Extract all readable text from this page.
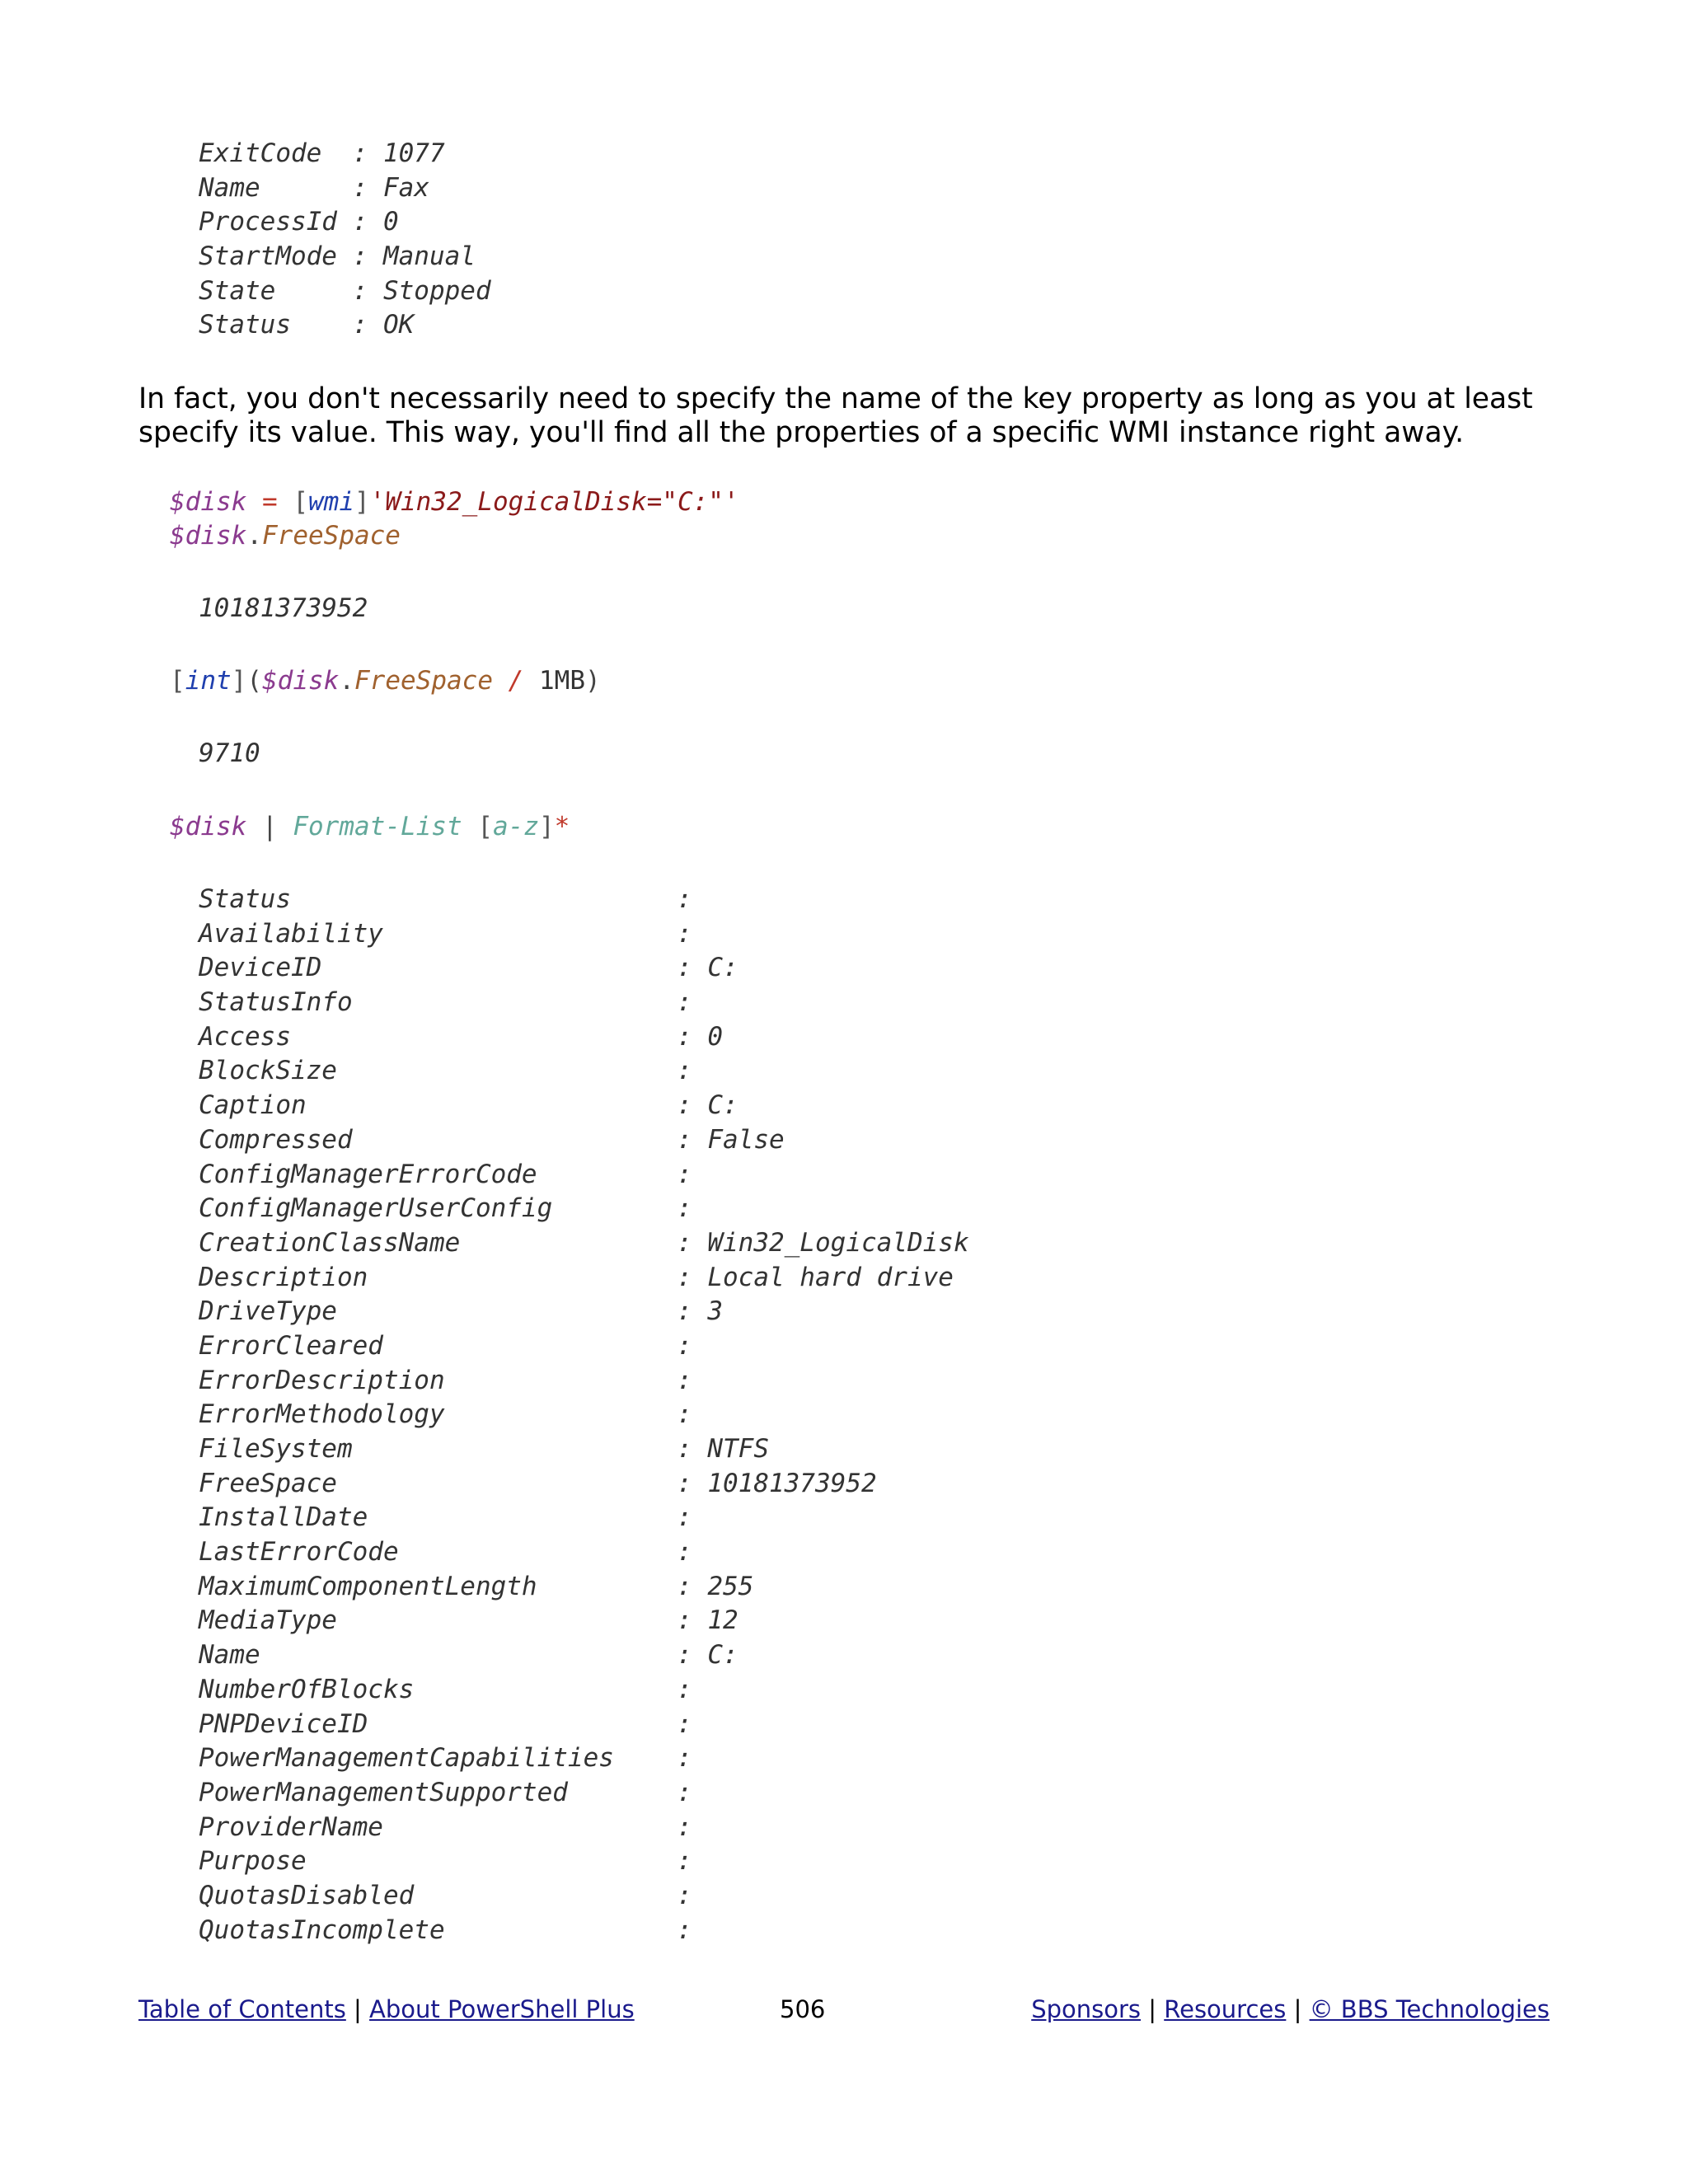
ExitCode  : 1077
Name      : Fax
ProcessId : 0
StartMode : Manual
State     : Stopped
Status    : OK
In fact, you don't necessarily need to specify the name of the key property as long as you at least
specify its value. This way, you'll find all the properties of a specific WMI instance right away.
$disk = [wmi]'Win32_LogicalDisk="C:"'
$disk.FreeSpace
10181373952
[int]($disk.FreeSpace / 1MB)
9710
$disk | Format-List [a-z]*
Status	:
Availability	:
DeviceID	: C:
StatusInfo	:
Access	: 0
BlockSize	:
Caption	: C:
Compressed	: False
ConfigManagerErrorCode	:
ConfigManagerUserConfig	:
CreationClassName	: Win32_LogicalDisk
Description	: Local hard drive
DriveType	: 3
ErrorCleared	:
ErrorDescription	:
ErrorMethodology	:
FileSystem	: NTFS
FreeSpace	: 10181373952
InstallDate	:
LastErrorCode	:
MaximumComponentLength	: 255
MediaType	: 12
Name	: C:
NumberOfBlocks	:
PNPDeviceID	:
PowerManagementCapabilities :
PowerManagementSupported	:
ProviderName	:
Purpose	:
QuotasDisabled	:
QuotasIncomplete	:
Table of Contents | About PowerShell Plus	506	Sponsors | Resources | © BBS Technologies
